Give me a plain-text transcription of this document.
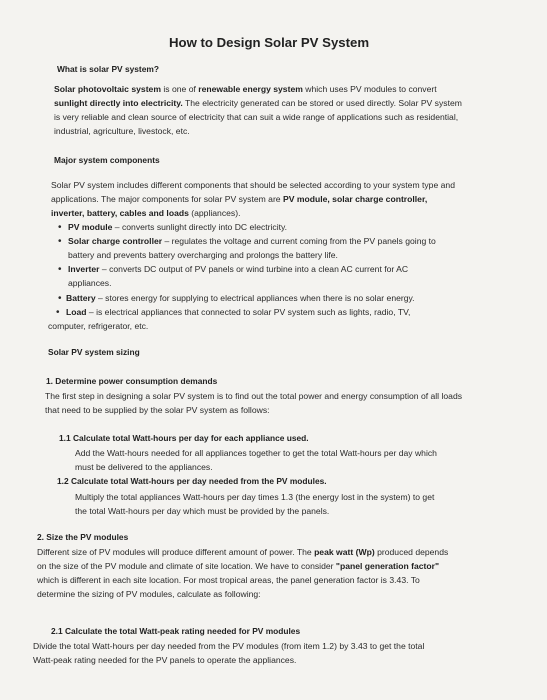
How to Design Solar PV System
What is solar PV system?
Solar photovoltaic system is one of renewable energy system which uses PV modules to convert
sunlight directly into electricity. The electricity generated can be stored or used directly. Solar PV system
is very reliable and clean source of electricity that can suit a wide range of applications such as residential,
industrial, agriculture, livestock, etc.
Major system components
Solar PV system includes different components that should be selected according to your system type and
applications. The major components for solar PV system are PV module, solar charge controller,
inverter, battery, cables and loads (appliances).
• PV module – converts sunlight directly into DC electricity.
• Solar charge controller – regulates the voltage and current coming from the PV panels going to
battery and prevents battery overcharging and prolongs the battery life.
• Inverter – converts DC output of PV panels or wind turbine into a clean AC current for AC
appliances.
• Battery – stores energy for supplying to electrical appliances when there is no solar energy.
• Load – is electrical appliances that connected to solar PV system such as lights, radio, TV,
computer, refrigerator, etc.
Solar PV system sizing
1. Determine power consumption demands
The first step in designing a solar PV system is to find out the total power and energy consumption of all loads
that need to be supplied by the solar PV system as follows:
1.1 Calculate total Watt-hours per day for each appliance used.
Add the Watt-hours needed for all appliances together to get the total Watt-hours per day which
must be delivered to the appliances.
1.2 Calculate total Watt-hours per day needed from the PV modules.
Multiply the total appliances Watt-hours per day times 1.3 (the energy lost in the system) to get
the total Watt-hours per day which must be provided by the panels.
2. Size the PV modules
Different size of PV modules will produce different amount of power. The peak watt (Wp) produced depends
on the size of the PV module and climate of site location. We have to consider "panel generation factor"
which is different in each site location. For most tropical areas, the panel generation factor is 3.43. To
determine the sizing of PV modules, calculate as following:
2.1 Calculate the total Watt-peak rating needed for PV modules
Divide the total Watt-hours per day needed from the PV modules (from item 1.2) by 3.43 to get the total
Watt-peak rating needed for the PV panels to operate the appliances.
